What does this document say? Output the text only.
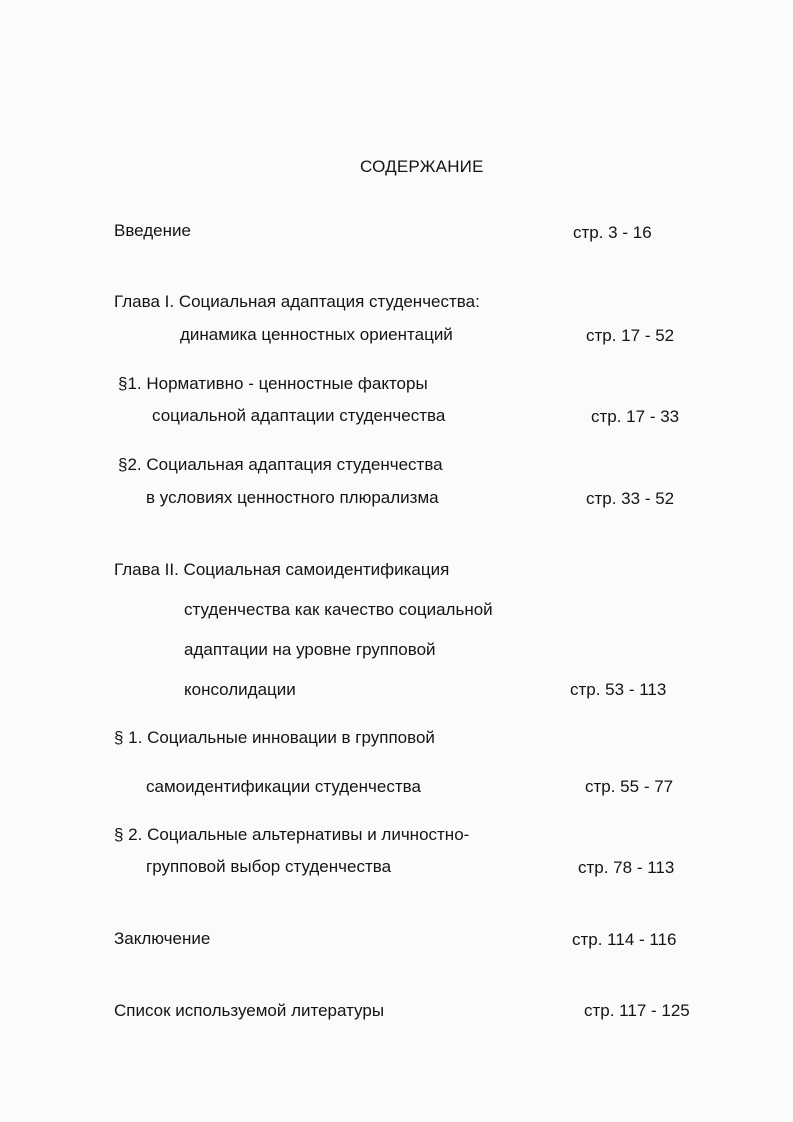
СОДЕРЖАНИЕ
Введение	стр. 3 - 16
Глава I. Социальная адаптация студенчества:
динамика ценностных ориентаций	стр. 17 - 52
§1. Нормативно - ценностные факторы
социальной адаптации студенчества	стр. 17 - 33
§2. Социальная адаптация студенчества
в условиях ценностного плюрализма	стр. 33 - 52
Глава II. Социальная самоидентификация
студенчества как качество социальной
адаптации на уровне групповой
консолидации	стр. 53 - 113
§ 1. Социальные инновации в групповой
самоидентификации студенчества	стр. 55 - 77
§ 2. Социальные альтернативы и личностно-
групповой выбор студенчества	стр. 78 - 113
Заключение	стр. 114 - 116
Список используемой литературы	стр. 117 - 125
